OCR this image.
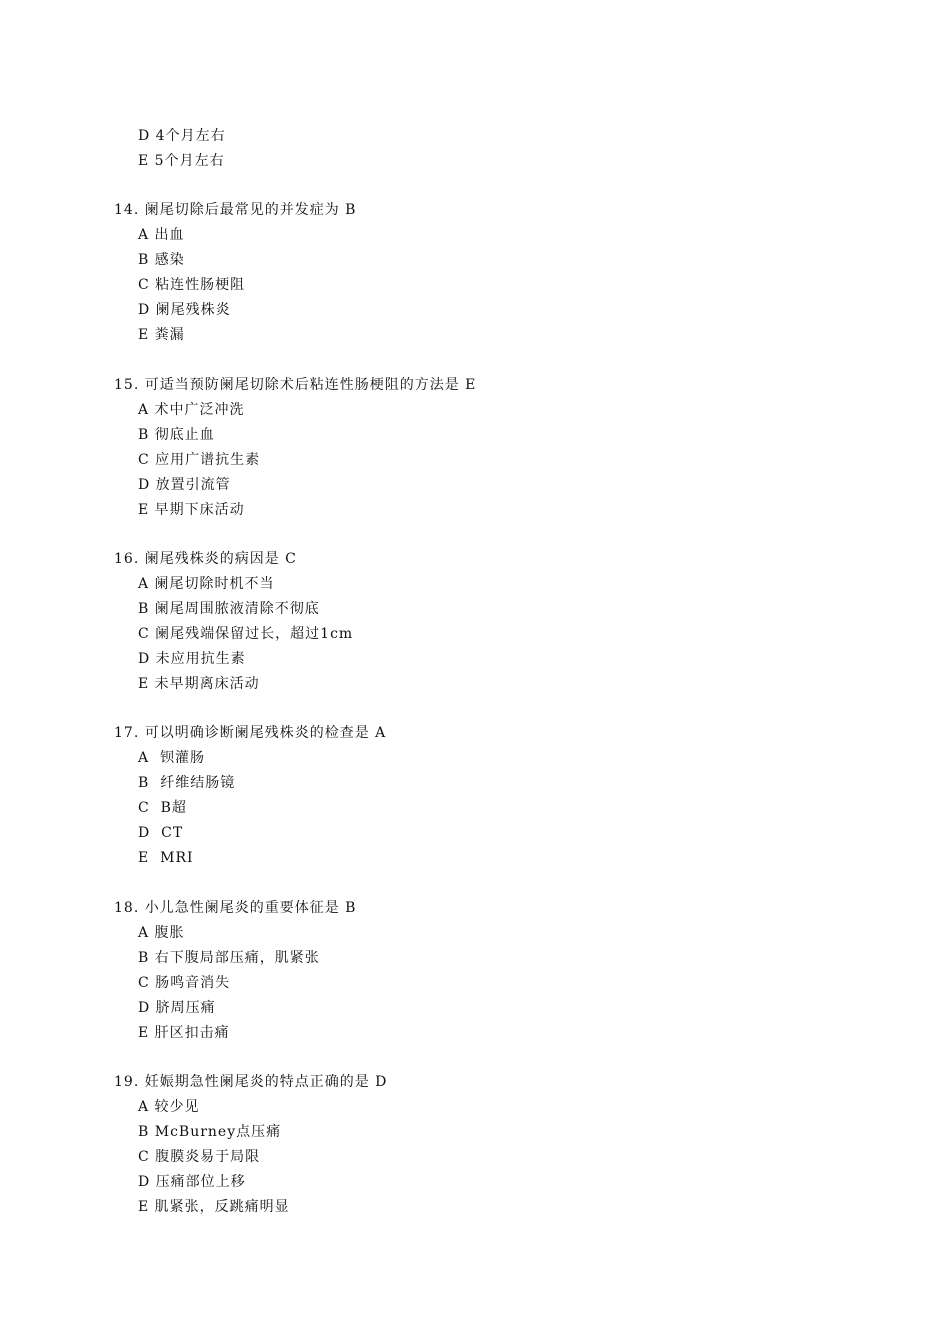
D 4个月左右
E 5个月左右
14. 阑尾切除后最常见的并发症为 B
A 出血
B 感染
C 粘连性肠梗阻
D 阑尾残株炎
E 粪漏
15. 可适当预防阑尾切除术后粘连性肠梗阻的方法是 E
A 术中广泛冲洗
B 彻底止血
C 应用广谱抗生素
D 放置引流管
E 早期下床活动
16. 阑尾残株炎的病因是 C
A 阑尾切除时机不当
B 阑尾周围脓液清除不彻底
C 阑尾残端保留过长，超过1cm
D 未应用抗生素
E 未早期离床活动
17. 可以明确诊断阑尾残株炎的检查是 A
A  钡灌肠
B  纤维结肠镜
C  B超
D  CT
E  MRI
18. 小儿急性阑尾炎的重要体征是 B
A 腹胀
B 右下腹局部压痛，肌紧张
C 肠鸣音消失
D 脐周压痛
E 肝区扣击痛
19. 妊娠期急性阑尾炎的特点正确的是 D
A 较少见
B McBurney点压痛
C 腹膜炎易于局限
D 压痛部位上移
E 肌紧张，反跳痛明显
